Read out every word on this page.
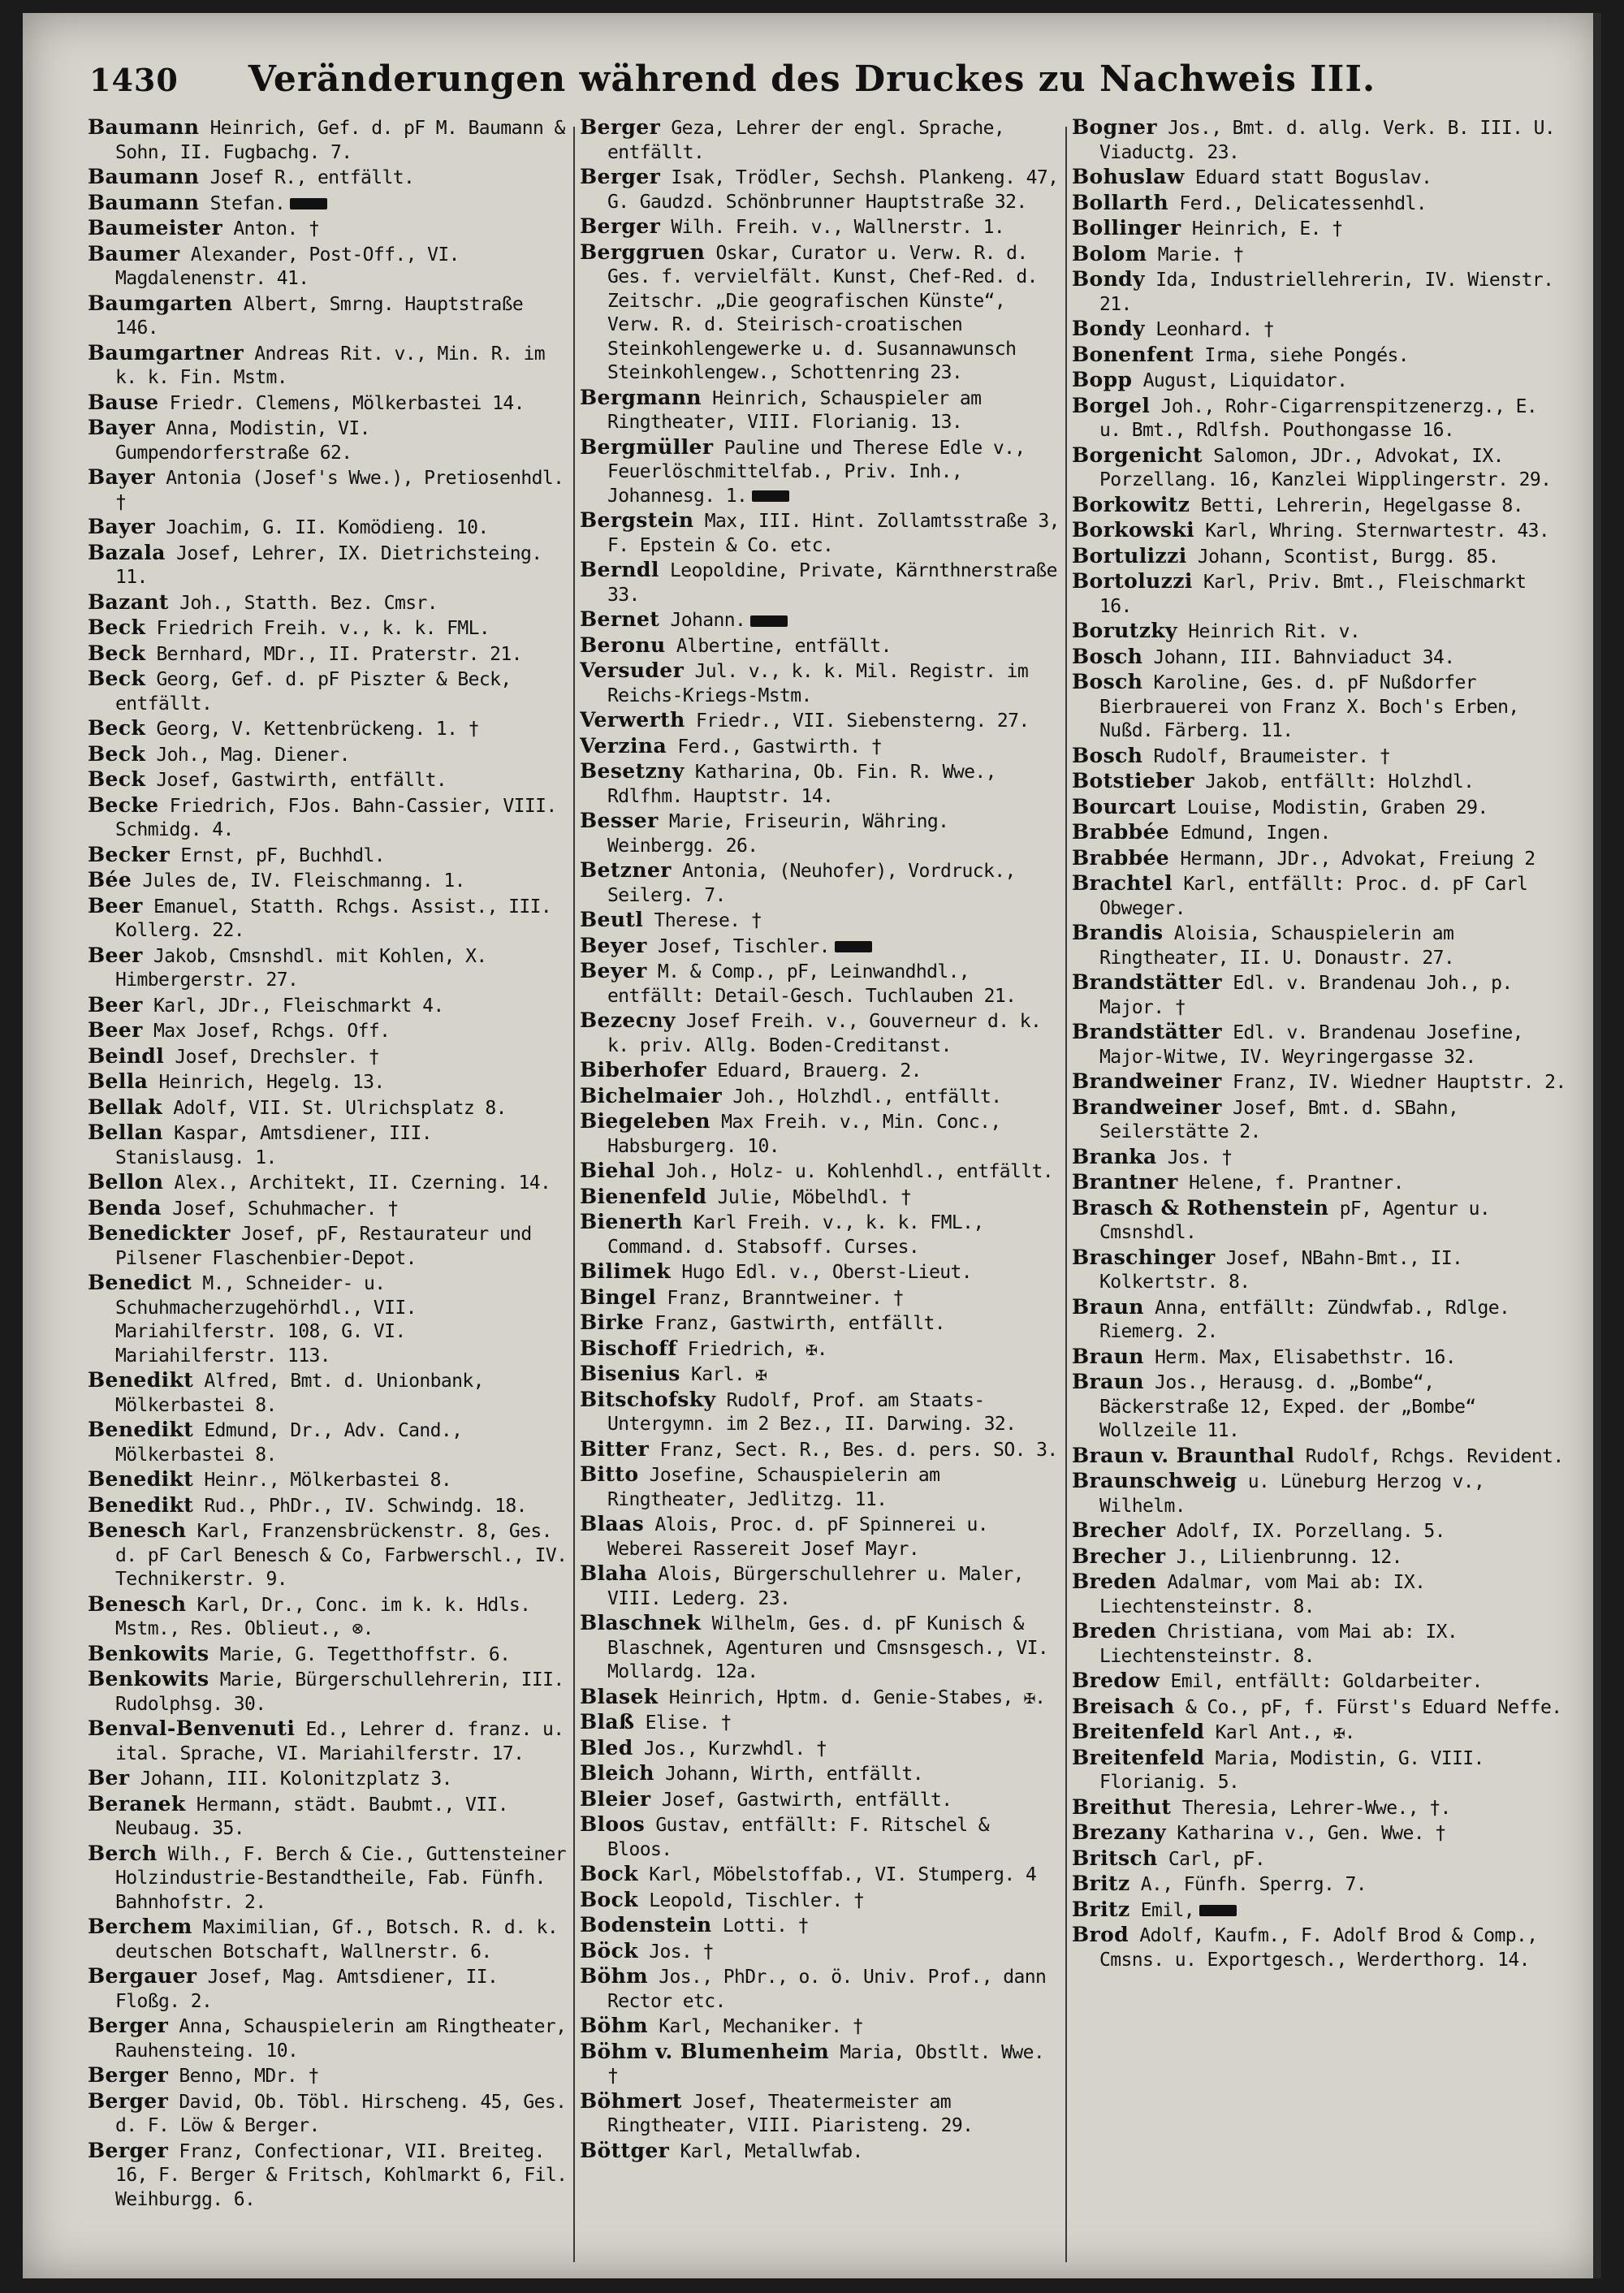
1430	Veränderungen während des Druckes zu Nachweis III.

Baumann Heinrich, Gef. d. pF M. Baumann & Sohn, II. Fugbachg. 7.

Baumann Josef R., entfällt.

Baumann Stefan.

Baumeister Anton. †

Baumer Alexander, Post-Off., VI. Magdalenenstr. 41.

Baumgarten Albert, Smrng. Hauptstraße 146.

Baumgartner Andreas Rit. v., Min. R. im k. k. Fin. Mstm.

Bause Friedr. Clemens, Mölkerbastei 14.

Bayer Anna, Modistin, VI. Gumpendorferstraße 62.

Bayer Antonia (Josef's Wwe.), Pretiosenhdl. †

Bayer Joachim, G. II. Komödieng. 10.

Bazala Josef, Lehrer, IX. Dietrichsteing. 11.

Bazant Joh., Statth. Bez. Cmsr.

Beck Friedrich Freih. v., k. k. FML.

Beck Bernhard, MDr., II. Praterstr. 21.

Beck Georg, Gef. d. pF Piszter & Beck, entfällt.

Beck Georg, V. Kettenbrückeng. 1. †

Beck Joh., Mag. Diener.

Beck Josef, Gastwirth, entfällt.

Becke Friedrich, FJos. Bahn-Cassier, VIII. Schmidg. 4.

Becker Ernst, pF, Buchhdl.

Bée Jules de, IV. Fleischmanng. 1.

Beer Emanuel, Statth. Rchgs. Assist., III. Kollerg. 22.

Beer Jakob, Cmsnshdl. mit Kohlen, X. Himbergerstr. 27.

Beer Karl, JDr., Fleischmarkt 4.

Beer Max Josef, Rchgs. Off.

Beindl Josef, Drechsler. †

Bella Heinrich, Hegelg. 13.

Bellak Adolf, VII. St. Ulrichsplatz 8.

Bellan Kaspar, Amtsdiener, III. Stanislausg. 1.

Bellon Alex., Architekt, II. Czerning. 14.

Benda Josef, Schuhmacher. †

Benedickter Josef, pF, Restaurateur und Pilsener Flaschenbier-Depot.

Benedict M., Schneider- u. Schuhmacherzugehörhdl., VII. Mariahilferstr. 108, G. VI. Mariahilferstr. 113.

Benedikt Alfred, Bmt. d. Unionbank, Mölkerbastei 8.

Benedikt Edmund, Dr., Adv. Cand., Mölkerbastei 8.

Benedikt Heinr., Mölkerbastei 8.

Benedikt Rud., PhDr., IV. Schwindg. 18.

Benesch Karl, Franzensbrückenstr. 8, Ges. d. pF Carl Benesch & Co, Farbwerschl., IV. Technikerstr. 9.

Benesch Karl, Dr., Conc. im k. k. Hdls. Mstm., Res. Oblieut., ⊗.

Benkowits Marie, G. Tegetthoffstr. 6.

Benkowits Marie, Bürgerschullehrerin, III. Rudolphsg. 30.

Benval-Benvenuti Ed., Lehrer d. franz. u. ital. Sprache, VI. Mariahilferstr. 17.

Ber Johann, III. Kolonitzplatz 3.

Beranek Hermann, städt. Baubmt., VII. Neubaug. 35.

Berch Wilh., F. Berch & Cie., Guttensteiner Holzindustrie-Bestandtheile, Fab. Fünfh. Bahnhofstr. 2.

Berchem Maximilian, Gf., Botsch. R. d. k. deutschen Botschaft, Wallnerstr. 6.

Bergauer Josef, Mag. Amtsdiener, II. Floßg. 2.

Berger Anna, Schauspielerin am Ringtheater, Rauhensteing. 10.

Berger Benno, MDr. †

Berger David, Ob. Töbl. Hirscheng. 45, Ges. d. F. Löw & Berger.

Berger Franz, Confectionar, VII. Breiteg. 16, F. Berger & Fritsch, Kohlmarkt 6, Fil. Weihburgg. 6.

Berger Geza, Lehrer der engl. Sprache, entfällt.

Berger Isak, Trödler, Sechsh. Plankeng. 47, G. Gaudzd. Schönbrunner Hauptstraße 32.

Berger Wilh. Freih. v., Wallnerstr. 1.

Berggruen Oskar, Curator u. Verw. R. d. Ges. f. vervielfält. Kunst, Chef-Red. d. Zeitschr. „Die geografischen Künste“, Verw. R. d. Steirisch-croatischen Steinkohlengewerke u. d. Susannawunsch Steinkohlengew., Schottenring 23.

Bergmann Heinrich, Schauspieler am Ringtheater, VIII. Florianig. 13.

Bergmüller Pauline und Therese Edle v., Feuerlöschmittelfab., Priv. Inh., Johannesg. 1.

Bergstein Max, III. Hint. Zollamtsstraße 3, F. Epstein & Co. etc.

Berndl Leopoldine, Private, Kärnthnerstraße 33.

Bernet Johann.

Beronu Albertine, entfällt.

Versuder Jul. v., k. k. Mil. Registr. im Reichs-Kriegs-Mstm.

Verwerth Friedr., VII. Siebensterng. 27.

Verzina Ferd., Gastwirth. †

Besetzny Katharina, Ob. Fin. R. Wwe., Rdlfhm. Hauptstr. 14.

Besser Marie, Friseurin, Währing. Weinbergg. 26.

Betzner Antonia, (Neuhofer), Vordruck., Seilerg. 7.

Beutl Therese. †

Beyer Josef, Tischler.

Beyer M. & Comp., pF, Leinwandhdl., entfällt: Detail-Gesch. Tuchlauben 21.

Bezecny Josef Freih. v., Gouverneur d. k. k. priv. Allg. Boden-Creditanst.

Biberhofer Eduard, Brauerg. 2.

Bichelmaier Joh., Holzhdl., entfällt.

Biegeleben Max Freih. v., Min. Conc., Habsburgerg. 10.

Biehal Joh., Holz- u. Kohlenhdl., entfällt.

Bienenfeld Julie, Möbelhdl. †

Bienerth Karl Freih. v., k. k. FML., Command. d. Stabsoff. Curses.

Bilimek Hugo Edl. v., Oberst-Lieut.

Bingel Franz, Branntweiner. †

Birke Franz, Gastwirth, entfällt.

Bischoff Friedrich, ✠.

Bisenius Karl. ✠

Bitschofsky Rudolf, Prof. am Staats-Untergymn. im 2 Bez., II. Darwing. 32.

Bitter Franz, Sect. R., Bes. d. pers. SO. 3.

Bitto Josefine, Schauspielerin am Ringtheater, Jedlitzg. 11.

Blaas Alois, Proc. d. pF Spinnerei u. Weberei Rassereit Josef Mayr.

Blaha Alois, Bürgerschullehrer u. Maler, VIII. Lederg. 23.

Blaschnek Wilhelm, Ges. d. pF Kunisch & Blaschnek, Agenturen und Cmsnsgesch., VI. Mollardg. 12a.

Blasek Heinrich, Hptm. d. Genie-Stabes, ✠.

Blaß Elise. †

Bled Jos., Kurzwhdl. †

Bleich Johann, Wirth, entfällt.

Bleier Josef, Gastwirth, entfällt.

Bloos Gustav, entfällt: F. Ritschel & Bloos.

Bock Karl, Möbelstoffab., VI. Stumperg. 4

Bock Leopold, Tischler. †

Bodenstein Lotti. †

Böck Jos. †

Böhm Jos., PhDr., o. ö. Univ. Prof., dann Rector etc.

Böhm Karl, Mechaniker. †

Böhm v. Blumenheim Maria, Obstlt. Wwe. †

Böhmert Josef, Theatermeister am Ringtheater, VIII. Piaristeng. 29.

Böttger Karl, Metallwfab.

Bogner Jos., Bmt. d. allg. Verk. B. III. U. Viaductg. 23.

Bohuslaw Eduard statt Boguslav.

Bollarth Ferd., Delicatessenhdl.

Bollinger Heinrich, E. †

Bolom Marie. †

Bondy Ida, Industriellehrerin, IV. Wienstr. 21.

Bondy Leonhard. †

Bonenfent Irma, siehe Pongés.

Bopp August, Liquidator.

Borgel Joh., Rohr-Cigarrenspitzenerzg., E. u. Bmt., Rdlfsh. Pouthongasse 16.

Borgenicht Salomon, JDr., Advokat, IX. Porzellang. 16, Kanzlei Wipplingerstr. 29.

Borkowitz Betti, Lehrerin, Hegelgasse 8.

Borkowski Karl, Whring. Sternwartestr. 43.

Bortulizzi Johann, Scontist, Burgg. 85.

Bortoluzzi Karl, Priv. Bmt., Fleischmarkt 16.

Borutzky Heinrich Rit. v.

Bosch Johann, III. Bahnviaduct 34.

Bosch Karoline, Ges. d. pF Nußdorfer Bierbrauerei von Franz X. Boch's Erben, Nußd. Färberg. 11.

Bosch Rudolf, Braumeister. †

Botstieber Jakob, entfällt: Holzhdl.

Bourcart Louise, Modistin, Graben 29.

Brabbée Edmund, Ingen.

Brabbée Hermann, JDr., Advokat, Freiung 2

Brachtel Karl, entfällt: Proc. d. pF Carl Obweger.

Brandis Aloisia, Schauspielerin am Ringtheater, II. U. Donaustr. 27.

Brandstätter Edl. v. Brandenau Joh., p. Major. †

Brandstätter Edl. v. Brandenau Josefine, Major-Witwe, IV. Weyringergasse 32.

Brandweiner Franz, IV. Wiedner Hauptstr. 2.

Brandweiner Josef, Bmt. d. SBahn, Seilerstätte 2.

Branka Jos. †

Brantner Helene, f. Prantner.

Brasch & Rothenstein pF, Agentur u. Cmsnshdl.

Braschinger Josef, NBahn-Bmt., II. Kolkertstr. 8.

Braun Anna, entfällt: Zündwfab., Rdlge. Riemerg. 2.

Braun Herm. Max, Elisabethstr. 16.

Braun Jos., Herausg. d. „Bombe“, Bäckerstraße 12, Exped. der „Bombe“ Wollzeile 11.

Braun v. Braunthal Rudolf, Rchgs. Revident.

Braunschweig u. Lüneburg Herzog v., Wilhelm.

Brecher Adolf, IX. Porzellang. 5.

Brecher J., Lilienbrunng. 12.

Breden Adalmar, vom Mai ab: IX. Liechtensteinstr. 8.

Breden Christiana, vom Mai ab: IX. Liechtensteinstr. 8.

Bredow Emil, entfällt: Goldarbeiter.

Breisach & Co., pF, f. Fürst's Eduard Neffe.

Breitenfeld Karl Ant., ✠.

Breitenfeld Maria, Modistin, G. VIII. Florianig. 5.

Breithut Theresia, Lehrer-Wwe., †.

Brezany Katharina v., Gen. Wwe. †

Britsch Carl, pF.

Britz A., Fünfh. Sperrg. 7.

Britz Emil,

Brod Adolf, Kaufm., F. Adolf Brod & Comp., Cmsns. u. Exportgesch., Werderthorg. 14.
